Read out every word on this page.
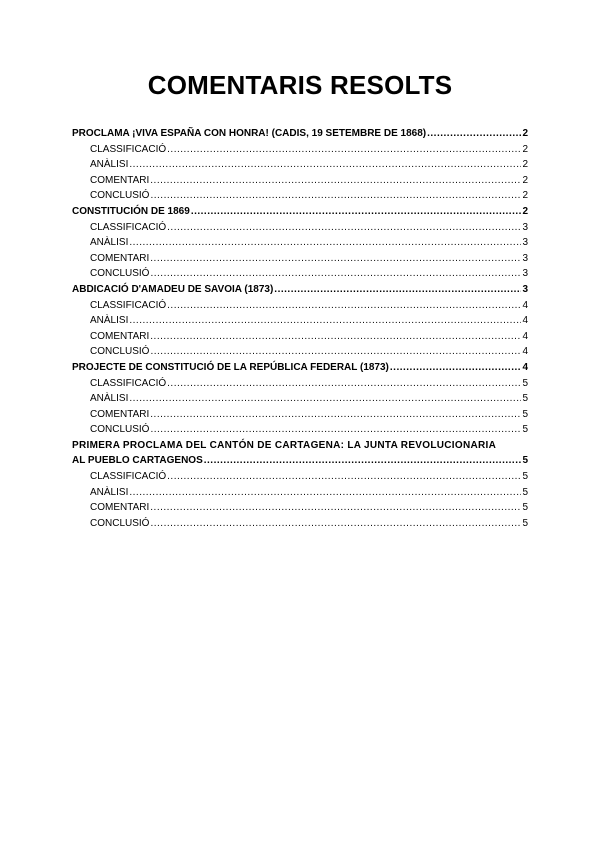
COMENTARIS RESOLTS
PROCLAMA ¡VIVA ESPAÑA CON HONRA! (CADIS, 19 SETEMBRE DE 1868) .....	2
CLASSIFICACIÓ .....	2
ANÀLISI .....	2
COMENTARI .....	2
CONCLUSIÓ .....	2
CONSTITUCIÓN DE 1869 .....	2
CLASSIFICACIÓ .....	3
ANÀLISI .....	3
COMENTARI .....	3
CONCLUSIÓ .....	3
ABDICACIÓ D'AMADEU DE SAVOIA (1873) .....	3
CLASSIFICACIÓ .....	4
ANÀLISI .....	4
COMENTARI .....	4
CONCLUSIÓ .....	4
PROJECTE DE CONSTITUCIÓ DE LA REPÚBLICA FEDERAL (1873) .....	4
CLASSIFICACIÓ .....	5
ANÀLISI .....	5
COMENTARI .....	5
CONCLUSIÓ .....	5
PRIMERA PROCLAMA DEL CANTÓN DE CARTAGENA: LA JUNTA REVOLUCIONARIA
AL PUEBLO CARTAGENOS .....	5
CLASSIFICACIÓ .....	5
ANÀLISI .....	5
COMENTARI .....	5
CONCLUSIÓ .....	5
